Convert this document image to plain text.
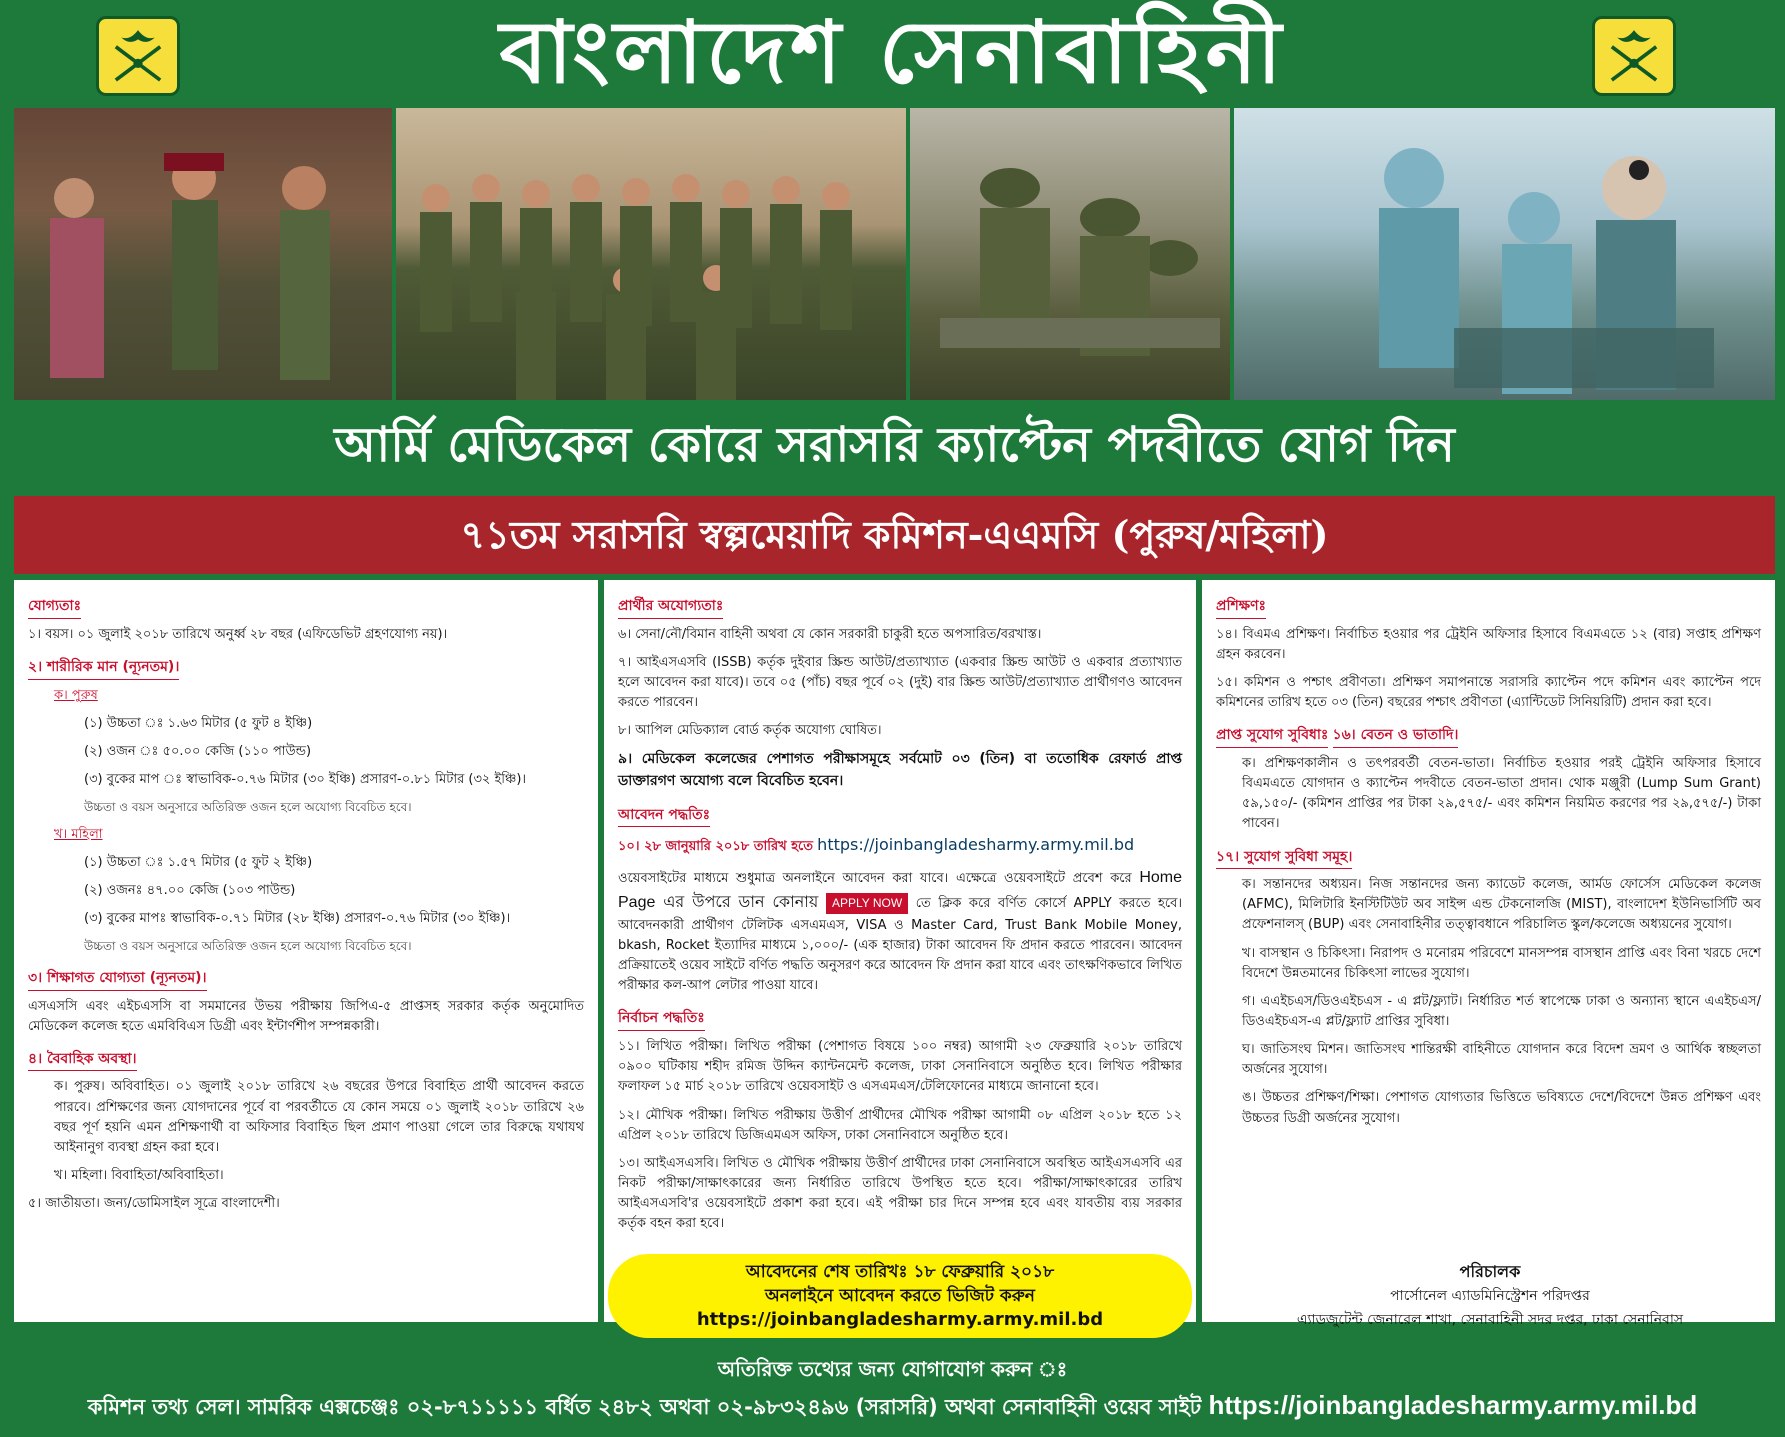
বাংলাদেশ সেনাবাহিনী
আর্মি মেডিকেল কোরে সরাসরি ক্যাপ্টেন পদবীতে যোগ দিন
৭১তম সরাসরি স্বল্পমেয়াদি কমিশন-এএমসি (পুরুষ/মহিলা)
যোগ্যতাঃ

১। বয়স। ০১ জুলাই ২০১৮ তারিখে অনুর্ধ্ব ২৮ বছর (এফিডেভিট গ্রহণযোগ্য নয়)।

২। শারীরিক মান (ন্যূনতম)।

ক। পুরুষ

(১) উচ্চতা ঃ ১.৬৩ মিটার (৫ ফুট ৪ ইঞ্চি)

(২) ওজন ঃ ৫০.০০ কেজি (১১০ পাউন্ড)

(৩) বুকের মাপ ঃ স্বাভাবিক-০.৭৬ মিটার (৩০ ইঞ্চি) প্রসারণ-০.৮১ মিটার (৩২ ইঞ্চি)।

উচ্চতা ও বয়স অনুসারে অতিরিক্ত ওজন হলে অযোগ্য বিবেচিত হবে।

খ। মহিলা

(১) উচ্চতা ঃ ১.৫৭ মিটার (৫ ফুট ২ ইঞ্চি)

(২) ওজনঃ ৪৭.০০ কেজি (১০৩ পাউন্ড)

(৩) বুকের মাপঃ স্বাভাবিক-০.৭১ মিটার (২৮ ইঞ্চি) প্রসারণ-০.৭৬ মিটার (৩০ ইঞ্চি)।

উচ্চতা ও বয়স অনুসারে অতিরিক্ত ওজন হলে অযোগ্য বিবেচিত হবে।

৩। শিক্ষাগত যোগ্যতা (ন্যূনতম)।

এসএসসি এবং এইচএসসি বা সমমানের উভয় পরীক্ষায় জিপিএ-৫ প্রাপ্তসহ সরকার কর্তৃক অনুমোদিত মেডিকেল কলেজ হতে এমবিবিএস ডিগ্রী এবং ইন্টার্ণশীপ সম্পন্নকারী।

৪। বৈবাহিক অবস্থা।

ক। পুরুষ। অবিবাহিত। ০১ জুলাই ২০১৮ তারিখে ২৬ বছরের উপরে বিবাহিত প্রার্থী আবেদন করতে পারবে। প্রশিক্ষণের জন্য যোগদানের পূর্বে বা পরবর্তীতে যে কোন সময়ে ০১ জুলাই ২০১৮ তারিখে ২৬ বছর পূর্ণ হয়নি এমন প্রশিক্ষণার্থী বা অফিসার বিবাহিত ছিল প্রমাণ পাওয়া গেলে তার বিরুদ্ধে যথাযথ আইনানুগ ব্যবস্থা গ্রহন করা হবে।

খ। মহিলা। বিবাহিতা/অবিবাহিতা।

৫। জাতীয়তা। জন্য/ডোমিসাইল সূত্রে বাংলাদেশী।

প্রার্থীর অযোগ্যতাঃ

৬। সেনা/নৌ/বিমান বাহিনী অথবা যে কোন সরকারী চাকুরী হতে অপসারিত/বরখাস্ত।

৭। আইএসএসবি (ISSB) কর্তৃক দুইবার স্ক্রিন্ড আউট/প্রত্যাখ্যাত (একবার স্ক্রিন্ড আউট ও একবার প্রত্যাখ্যাত হলে আবেদন করা যাবে)। তবে ০৫ (পাঁচ) বছর পূর্বে ০২ (দুই) বার স্ক্রিন্ড আউট/প্রত্যাখ্যাত প্রার্থীগণও আবেদন করতে পারবেন।

৮। আপিল মেডিক্যাল বোর্ড কর্তৃক অযোগ্য ঘোষিত।

৯। মেডিকেল কলেজের পেশাগত পরীক্ষাসমূহে সর্বমোট ০৩ (তিন) বা ততোধিক রেফার্ড প্রাপ্ত ডাক্তারগণ অযোগ্য বলে বিবেচিত হবেন।

আবেদন পদ্ধতিঃ

১০। ২৮ জানুয়ারি ২০১৮ তারিখ হতে https://joinbangladesharmy.army.mil.bd

ওয়েবসাইটের মাধ্যমে শুধুমাত্র অনলাইনে আবেদন করা যাবে। এক্ষেত্রে ওয়েবসাইটে প্রবেশ করে Home Page এর উপরে ডান কোনায় APPLY NOW তে ক্লিক করে বর্ণিত কোর্সে APPLY করতে হবে। আবেদনকারী প্রার্থীগণ টেলিটক এসএমএস, VISA ও Master Card, Trust Bank Mobile Money, bkash, Rocket ইত্যাদির মাধ্যমে ১,০০০/- (এক হাজার) টাকা আবেদন ফি প্রদান করতে পারবেন। আবেদন প্রক্রিয়াতেই ওয়েব সাইটে বর্ণিত পদ্ধতি অনুসরণ করে আবেদন ফি প্রদান করা যাবে এবং তাৎক্ষণিকভাবে লিখিত পরীক্ষার কল-আপ লেটার পাওয়া যাবে।

নির্বাচন পদ্ধতিঃ

১১। লিখিত পরীক্ষা। লিখিত পরীক্ষা (পেশাগত বিষয়ে ১০০ নম্বর) আগামী ২৩ ফেব্রুয়ারি ২০১৮ তারিখে ০৯০০ ঘটিকায় শহীদ রমিজ উদ্দিন ক্যান্টনমেন্ট কলেজ, ঢাকা সেনানিবাসে অনুষ্ঠিত হবে। লিখিত পরীক্ষার ফলাফল ১৫ মার্চ ২০১৮ তারিখে ওয়েবসাইট ও এসএমএস/টেলিফোনের মাধ্যমে জানানো হবে।

১২। মৌখিক পরীক্ষা। লিখিত পরীক্ষায় উত্তীর্ণ প্রার্থীদের মৌখিক পরীক্ষা আগামী ০৮ এপ্রিল ২০১৮ হতে ১২ এপ্রিল ২০১৮ তারিখে ডিজিএমএস অফিস, ঢাকা সেনানিবাসে অনুষ্ঠিত হবে।

১৩। আইএসএসবি। লিখিত ও মৌখিক পরীক্ষায় উত্তীর্ণ প্রার্থীদের ঢাকা সেনানিবাসে অবস্থিত আইএসএসবি এর নিকট পরীক্ষা/সাক্ষাৎকারের জন্য নির্ধারিত তারিখে উপস্থিত হতে হবে। পরীক্ষা/সাক্ষাৎকারের তারিখ আইএসএসবি'র ওয়েবসাইটে প্রকাশ করা হবে। এই পরীক্ষা চার দিনে সম্পন্ন হবে এবং যাবতীয় ব্যয় সরকার কর্তৃক বহন করা হবে।

প্রশিক্ষণঃ

১৪। বিএমএ প্রশিক্ষণ। নির্বাচিত হওয়ার পর ট্রেইনি অফিসার হিসাবে বিএমএতে ১২ (বার) সপ্তাহ প্রশিক্ষণ গ্রহন করবেন।

১৫। কমিশন ও পশ্চাৎ প্রবীণতা। প্রশিক্ষণ সমাপনান্তে সরাসরি ক্যাপ্টেন পদে কমিশন এবং ক্যাপ্টেন পদে কমিশনের তারিখ হতে ০৩ (তিন) বছরের পশ্চাৎ প্রবীণতা (এ্যান্টিডেট সিনিয়রিটি) প্রদান করা হবে।

প্রাপ্ত সুযোগ সুবিধাঃ ১৬। বেতন ও ভাতাদি।

ক। প্রশিক্ষণকালীন ও তৎপরবর্তী বেতন-ভাতা। নির্বাচিত হওয়ার পরই ট্রেইনি অফিসার হিসাবে বিএমএতে যোগদান ও ক্যাপ্টেন পদবীতে বেতন-ভাতা প্রদান। থোক মঞ্জুরী (Lump Sum Grant) ৫৯,১৫০/- (কমিশন প্রাপ্তির পর টাকা ২৯,৫৭৫/- এবং কমিশন নিয়মিত করণের পর ২৯,৫৭৫/-) টাকা পাবেন।

১৭। সুযোগ সুবিধা সমূহ।

ক। সন্তানদের অধ্যয়ন। নিজ সন্তানদের জন্য ক্যাডেট কলেজ, আর্মড ফোর্সেস মেডিকেল কলেজ (AFMC), মিলিটারি ইনস্টিটিউট অব সাইন্স এন্ড টেকনোলজি (MIST), বাংলাদেশ ইউনিভার্সিটি অব প্রফেশনালস্ (BUP) এবং সেনাবাহিনীর তত্ত্বাবধানে পরিচালিত স্কুল/কলেজে অধ্যয়নের সুযোগ।

খ। বাসস্থান ও চিকিৎসা। নিরাপদ ও মনোরম পরিবেশে মানসম্পন্ন বাসস্থান প্রাপ্তি এবং বিনা খরচে দেশে বিদেশে উন্নতমানের চিকিৎসা লাভের সুযোগ।

গ। এএইচএস/ডিওএইচএস - এ প্লট/ফ্ল্যাট। নির্ধারিত শর্ত স্বাপেক্ষে ঢাকা ও অন্যান্য স্থানে এএইচএস/ডিওএইচএস-এ প্লট/ফ্ল্যাট প্রাপ্তির সুবিধা।

ঘ। জাতিসংঘ মিশন। জাতিসংঘ শান্তিরক্ষী বাহিনীতে যোগদান করে বিদেশ ভ্রমণ ও আর্থিক স্বচ্ছলতা অর্জনের সুযোগ।

ঙ। উচ্চতর প্রশিক্ষণ/শিক্ষা। পেশাগত যোগ্যতার ভিত্তিতে ভবিষ্যতে দেশে/বিদেশে উন্নত প্রশিক্ষণ এবং উচ্চতর ডিগ্রী অর্জনের সুযোগ।

আবেদনের শেষ তারিখঃ ১৮ ফেব্রুয়ারি ২০১৮
অনলাইনে আবেদন করতে ভিজিট করুন
https://joinbangladesharmy.army.mil.bd
পরিচালক
পার্সোনেল এ্যাডমিনিস্ট্রেশন পরিদপ্তর
এ্যাডজুটেন্ট জেনারেল শাখা, সেনাবাহিনী সদর দপ্তর, ঢাকা সেনানিবাস
অতিরিক্ত তথ্যের জন্য যোগাযোগ করুন ঃ
কমিশন তথ্য সেল। সামরিক এক্সচেঞ্জঃ ০২-৮৭১১১১১ বর্ধিত ২৪৮২ অথবা ০২-৯৮৩২৪৯৬ (সরাসরি) অথবা সেনাবাহিনী ওয়েব সাইট https://joinbangladesharmy.army.mil.bd
